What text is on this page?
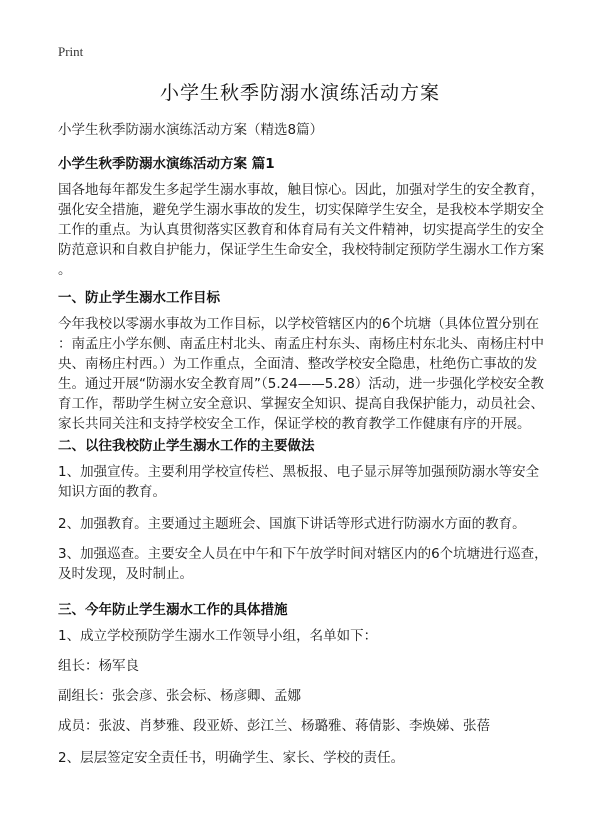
Print
小学生秋季防溺水演练活动方案
小学生秋季防溺水演练活动方案（精选8篇）
小学生秋季防溺水演练活动方案 篇1
国各地每年都发生多起学生溺水事故，触目惊心。因此，加强对学生的安全教育，
强化安全措施，避免学生溺水事故的发生，切实保障学生安全，是我校本学期安全
工作的重点。为认真贯彻落实区教育和体育局有关文件精神，切实提高学生的安全
防范意识和自救自护能力，保证学生生命安全，我校特制定预防学生溺水工作方案
。
一、防止学生溺水工作目标
今年我校以零溺水事故为工作目标，以学校管辖区内的6个坑塘（具体位置分别在
：南孟庄小学东侧、南孟庄村北头、南孟庄村东头、南杨庄村东北头、南杨庄村中
央、南杨庄村西。）为工作重点，全面清、整改学校安全隐患，杜绝伤亡事故的发
生。通过开展“防溺水安全教育周”（5.24——5.28）活动，进一步强化学校安全教
育工作，帮助学生树立安全意识、掌握安全知识、提高自我保护能力，动员社会、
家长共同关注和支持学校安全工作，保证学校的教育教学工作健康有序的开展。
二、以往我校防止学生溺水工作的主要做法
1、加强宣传。主要利用学校宣传栏、黑板报、电子显示屏等加强预防溺水等安全
知识方面的教育。
2、加强教育。主要通过主题班会、国旗下讲话等形式进行防溺水方面的教育。
3、加强巡查。主要安全人员在中午和下午放学时间对辖区内的6个坑塘进行巡查，
及时发现，及时制止。
三、今年防止学生溺水工作的具体措施
1、成立学校预防学生溺水工作领导小组，名单如下：
组长：杨军良
副组长：张会彦、张会标、杨彦卿、孟娜
成员：张波、肖梦雅、段亚娇、彭江兰、杨璐雅、蒋倩影、李焕娣、张蓓
2、层层签定安全责任书，明确学生、家长、学校的责任。
